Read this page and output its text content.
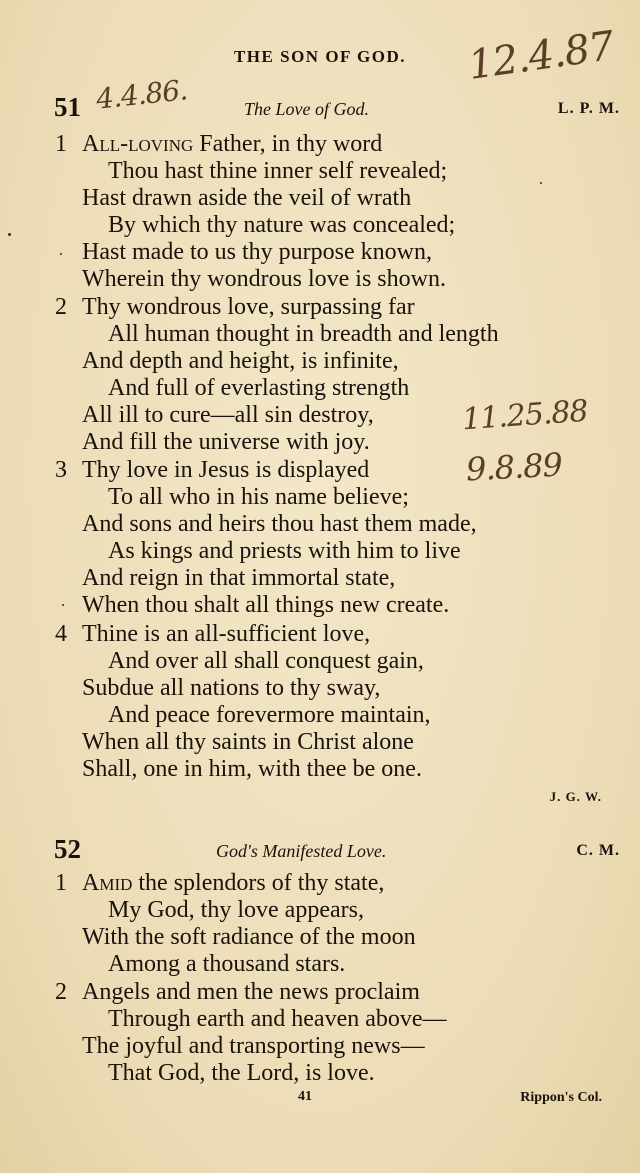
THE SON OF GOD.
4.4.86.
12.4.87
11.25.88
9.8.89
51	The Love of God.	L. P. M.
1 All-loving Father, in thy word
Thou hast thine inner self revealed;
Hast drawn aside the veil of wrath
By which thy nature was concealed;
Hast made to us thy purpose known,
Wherein thy wondrous love is shown.
2 Thy wondrous love, surpassing far
All human thought in breadth and length
And depth and height, is infinite,
And full of everlasting strength
All ill to cure—all sin destroy,
And fill the universe with joy.
3 Thy love in Jesus is displayed
To all who in his name believe;
And sons and heirs thou hast them made,
As kings and priests with him to live
And reign in that immortal state,
When thou shalt all things new create.
4 Thine is an all-sufficient love,
And over all shall conquest gain,
Subdue all nations to thy sway,
And peace forevermore maintain,
When all thy saints in Christ alone
Shall, one in him, with thee be one.
J. G. W.
52	God's Manifested Love.	C. M.
1 Amid the splendors of thy state,
My God, thy love appears,
With the soft radiance of the moon
Among a thousand stars.
2 Angels and men the news proclaim
Through earth and heaven above—
The joyful and transporting news—
That God, the Lord, is love.
41	Rippon's Col.
